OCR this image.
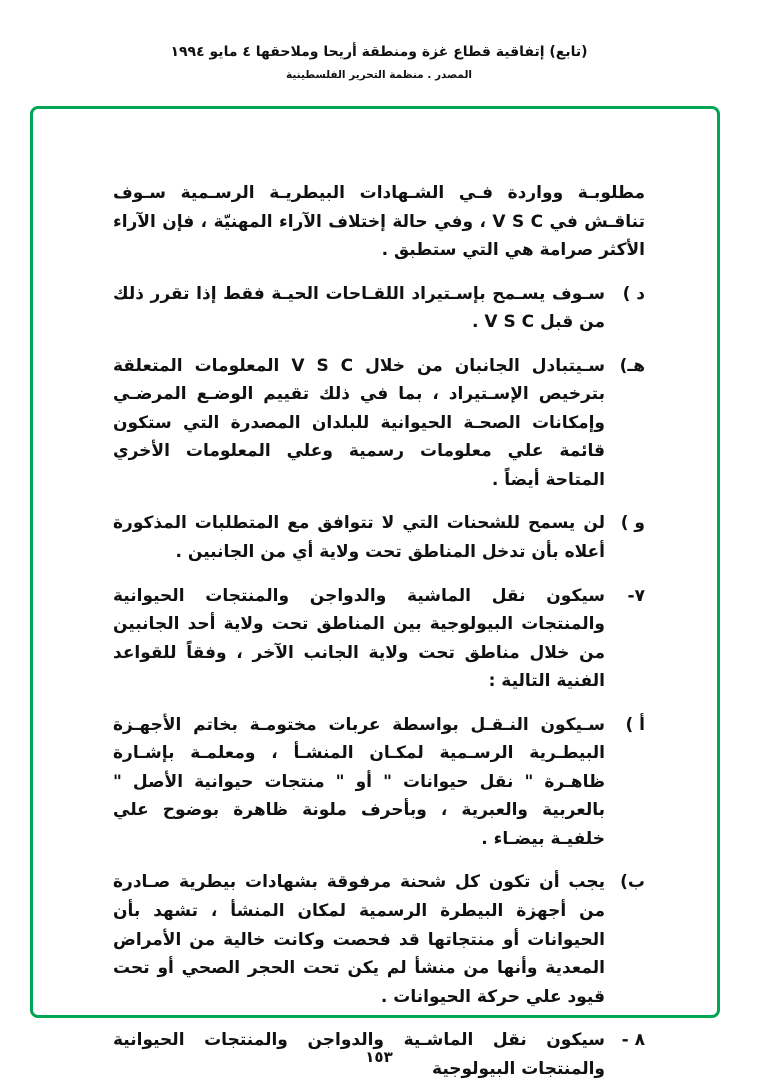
(تابع) إتفاقية قطاع غزة ومنطقة أريحا وملاحقها ٤ مايو ١٩٩٤
المصدر . منظمة التحرير الفلسطينية
مطلوبـة وواردة فـي الشـهادات البيطريـة الرسـمية سـوف تناقـش في V S C ، وفي حالة إختلاف الآراء المهنيّة ، فإن الآراء الأكثر صرامة هي التي ستطبق .
د )
سـوف يسـمح بإسـتيراد اللقـاحات الحيـة فقط إذا تقرر ذلك من قبل V S C .
هـ)
سـيتبادل الجانبان من خلال V S C المعلومات المتعلقة بترخيص الإسـتيراد ، بما في ذلك تقييم الوضـع المرضـي وإمكانات الصحـة الحيوانية للبلدان المصدرة التي ستكون قائمة علي معلومات رسمية وعلي المعلومات الأخري المتاحة أيضاً .
و )
لن يسمح للشحنات التي لا تتوافق مع المتطلبات المذكورة أعلاه بأن تدخل المناطق تحت ولاية أي من الجانبين .
٧-
سيكون نقل الماشية والدواجن والمنتجات الحيوانية والمنتجات البيولوجية بين المناطق تحت ولاية أحد الجانبين من خلال مناطق تحت ولاية الجانب الآخر ، وفقاً للقواعد الفنية التالية :
أ )
سـيكون النـقـل بواسطة عربات مختومـة بخاتم الأجهـزة البيطـرية الرسـمية لمكـان المنشـأ ، ومعلمـة بإشـارة ظاهـرة " نقل حيوانات " أو " منتجات حيوانية الأصل " بالعربية والعبرية ، وبأحرف ملونة ظاهرة بوضوح علي خلفيـة بيضـاء .
ب)
يجب أن تكون كل شحنة مرفوقة بشهادات بيطرية صـادرة من أجهزة البيطرة الرسمية لمكان المنشأ ، تشهد بأن الحيوانات أو منتجاتها قد فحصت وكانت خالية من الأمراض المعدية وأنها من منشأ لم يكن تحت الحجر الصحي أو تحت قيود علي حركة الحيوانات .
٨ -
سيكون نقل الماشـية والدواجن والمنتجات الحيوانية والمنتجات البيولوجية
١٥٣
